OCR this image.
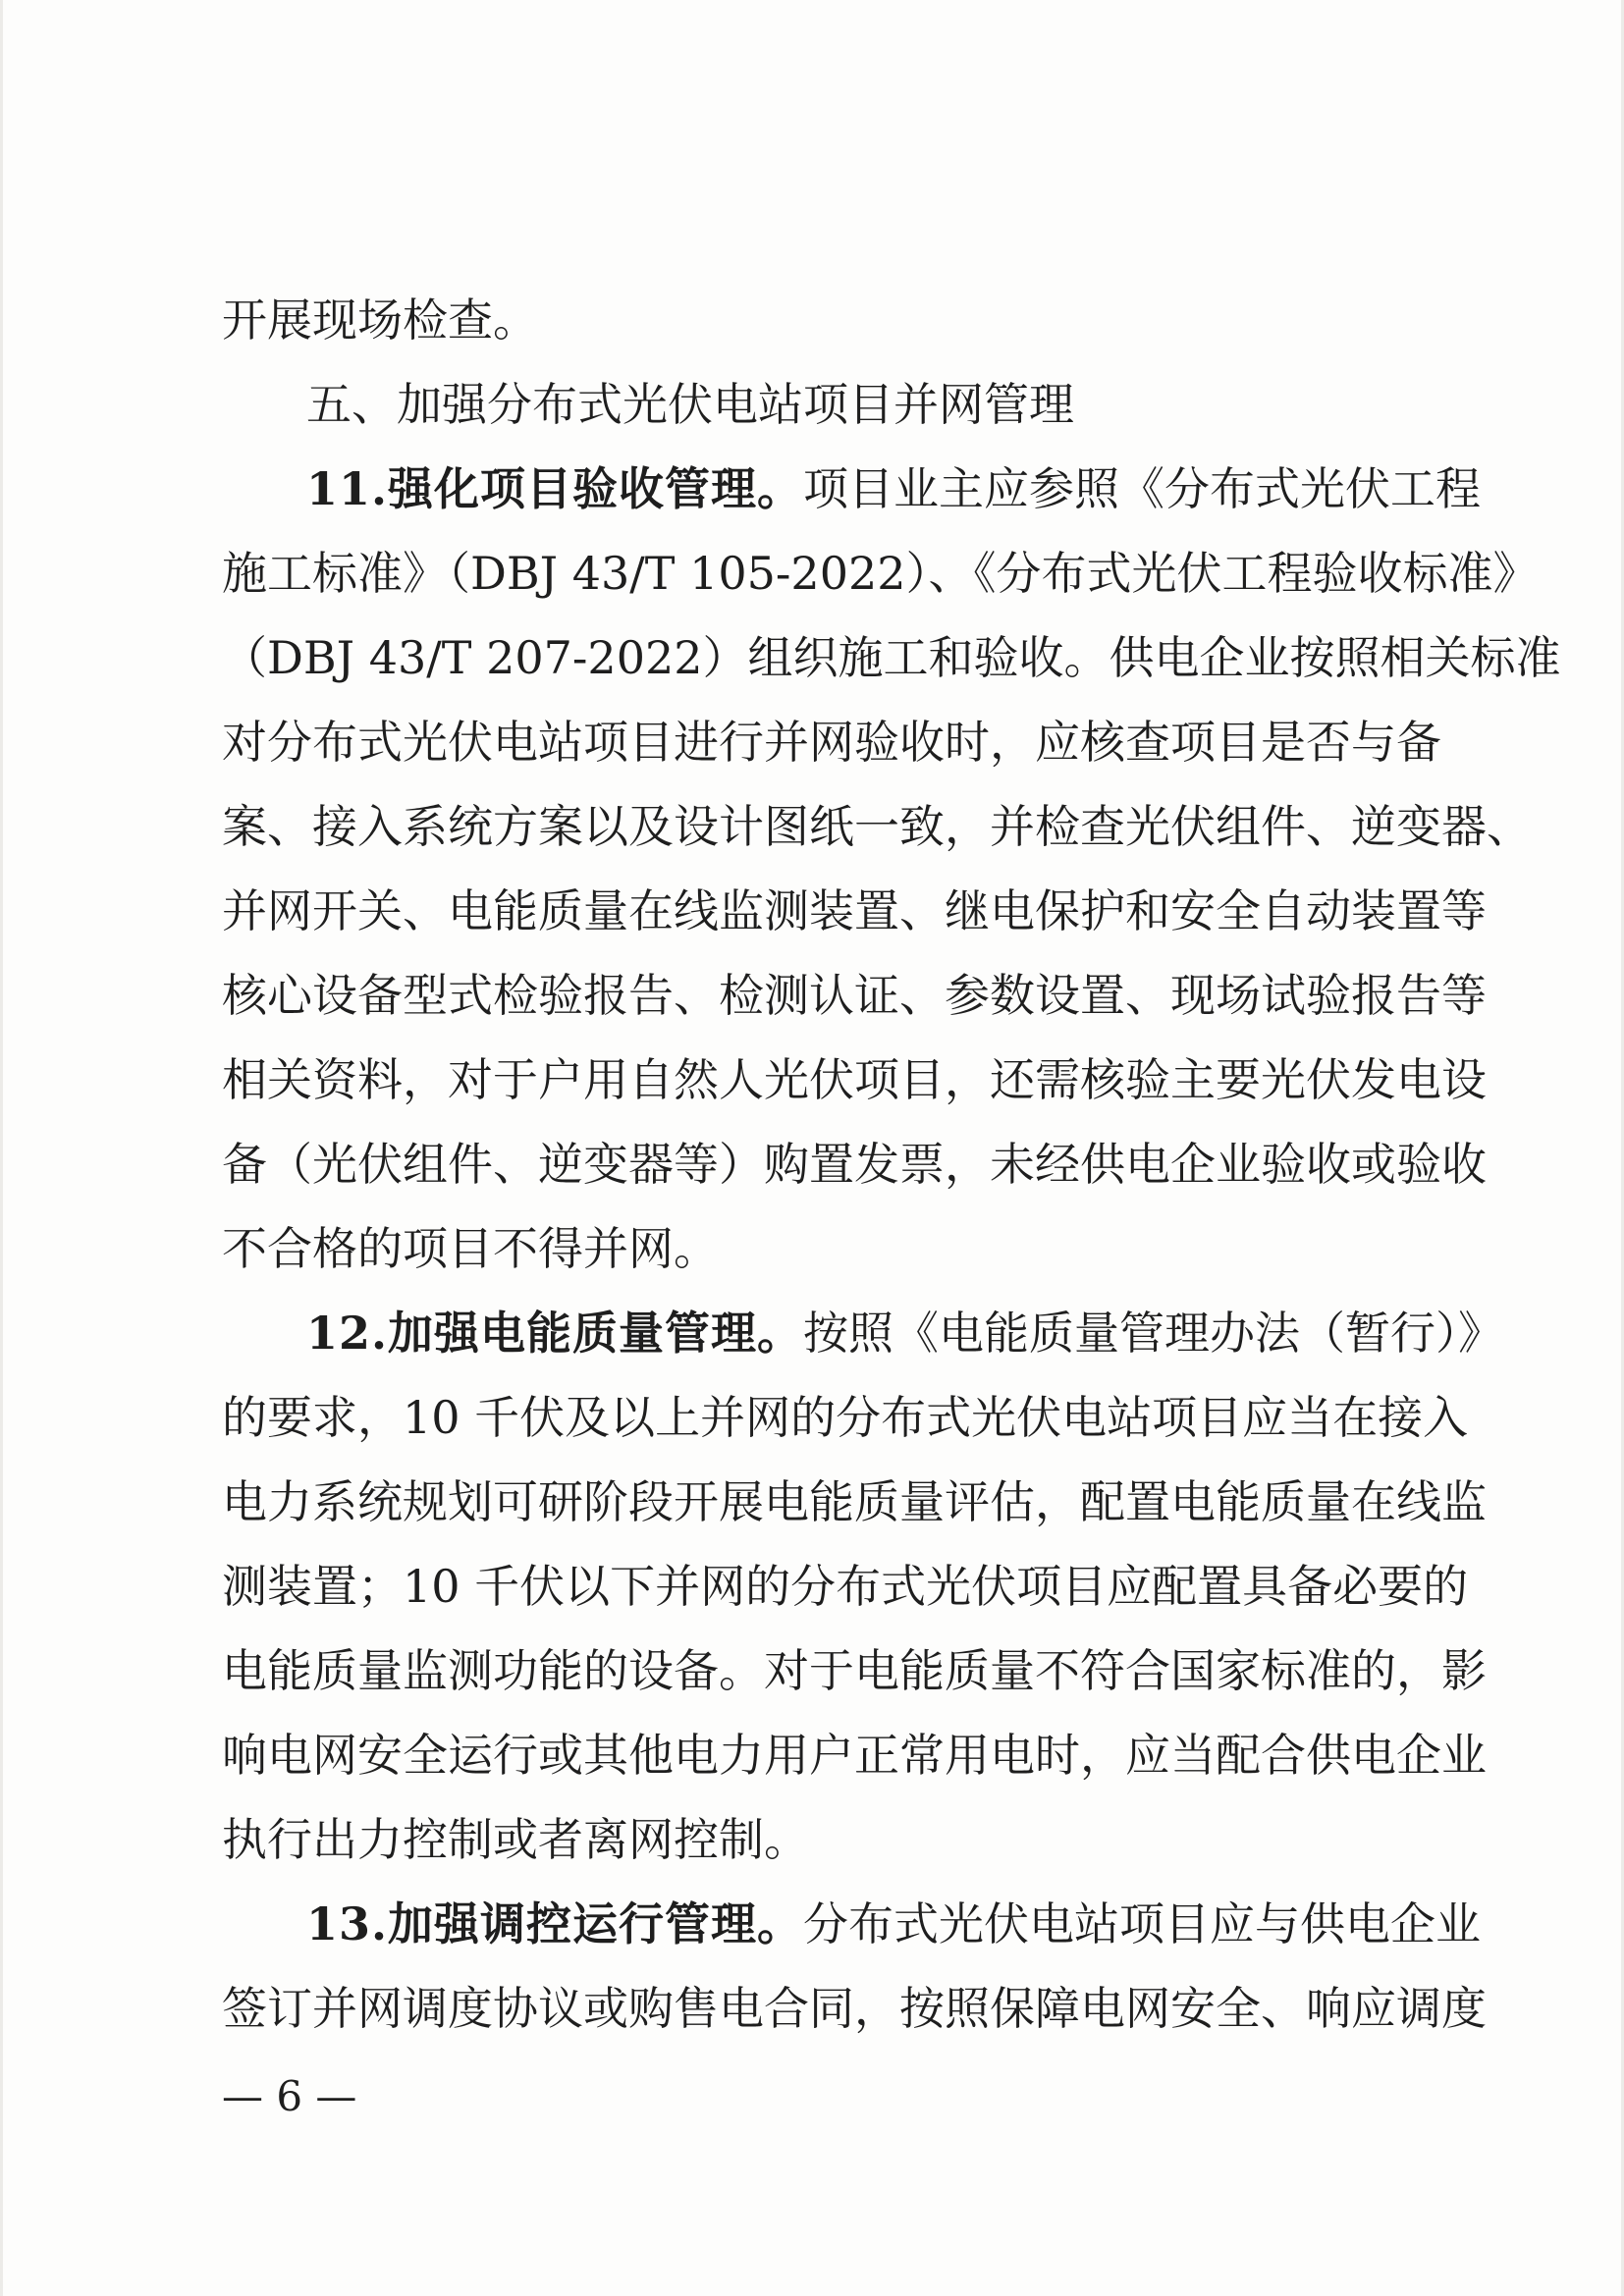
开展现场检查。
五、加强分布式光伏电站项目并网管理
11.强化项目验收管理。项目业主应参照《分布式光伏工程
施工标准》（DBJ 43/T 105-2022）、《分布式光伏工程验收标准》
（DBJ 43/T 207-2022）组织施工和验收。供电企业按照相关标准
对分布式光伏电站项目进行并网验收时，应核查项目是否与备
案、接入系统方案以及设计图纸一致，并检查光伏组件、逆变器、
并网开关、电能质量在线监测装置、继电保护和安全自动装置等
核心设备型式检验报告、检测认证、参数设置、现场试验报告等
相关资料，对于户用自然人光伏项目，还需核验主要光伏发电设
备（光伏组件、逆变器等）购置发票，未经供电企业验收或验收
不合格的项目不得并网。
12.加强电能质量管理。按照《电能质量管理办法（暂行）》
的要求，10 千伏及以上并网的分布式光伏电站项目应当在接入
电力系统规划可研阶段开展电能质量评估，配置电能质量在线监
测装置；10 千伏以下并网的分布式光伏项目应配置具备必要的
电能质量监测功能的设备。对于电能质量不符合国家标准的，影
响电网安全运行或其他电力用户正常用电时，应当配合供电企业
执行出力控制或者离网控制。
13.加强调控运行管理。分布式光伏电站项目应与供电企业
签订并网调度协议或购售电合同，按照保障电网安全、响应调度
— 6 —
